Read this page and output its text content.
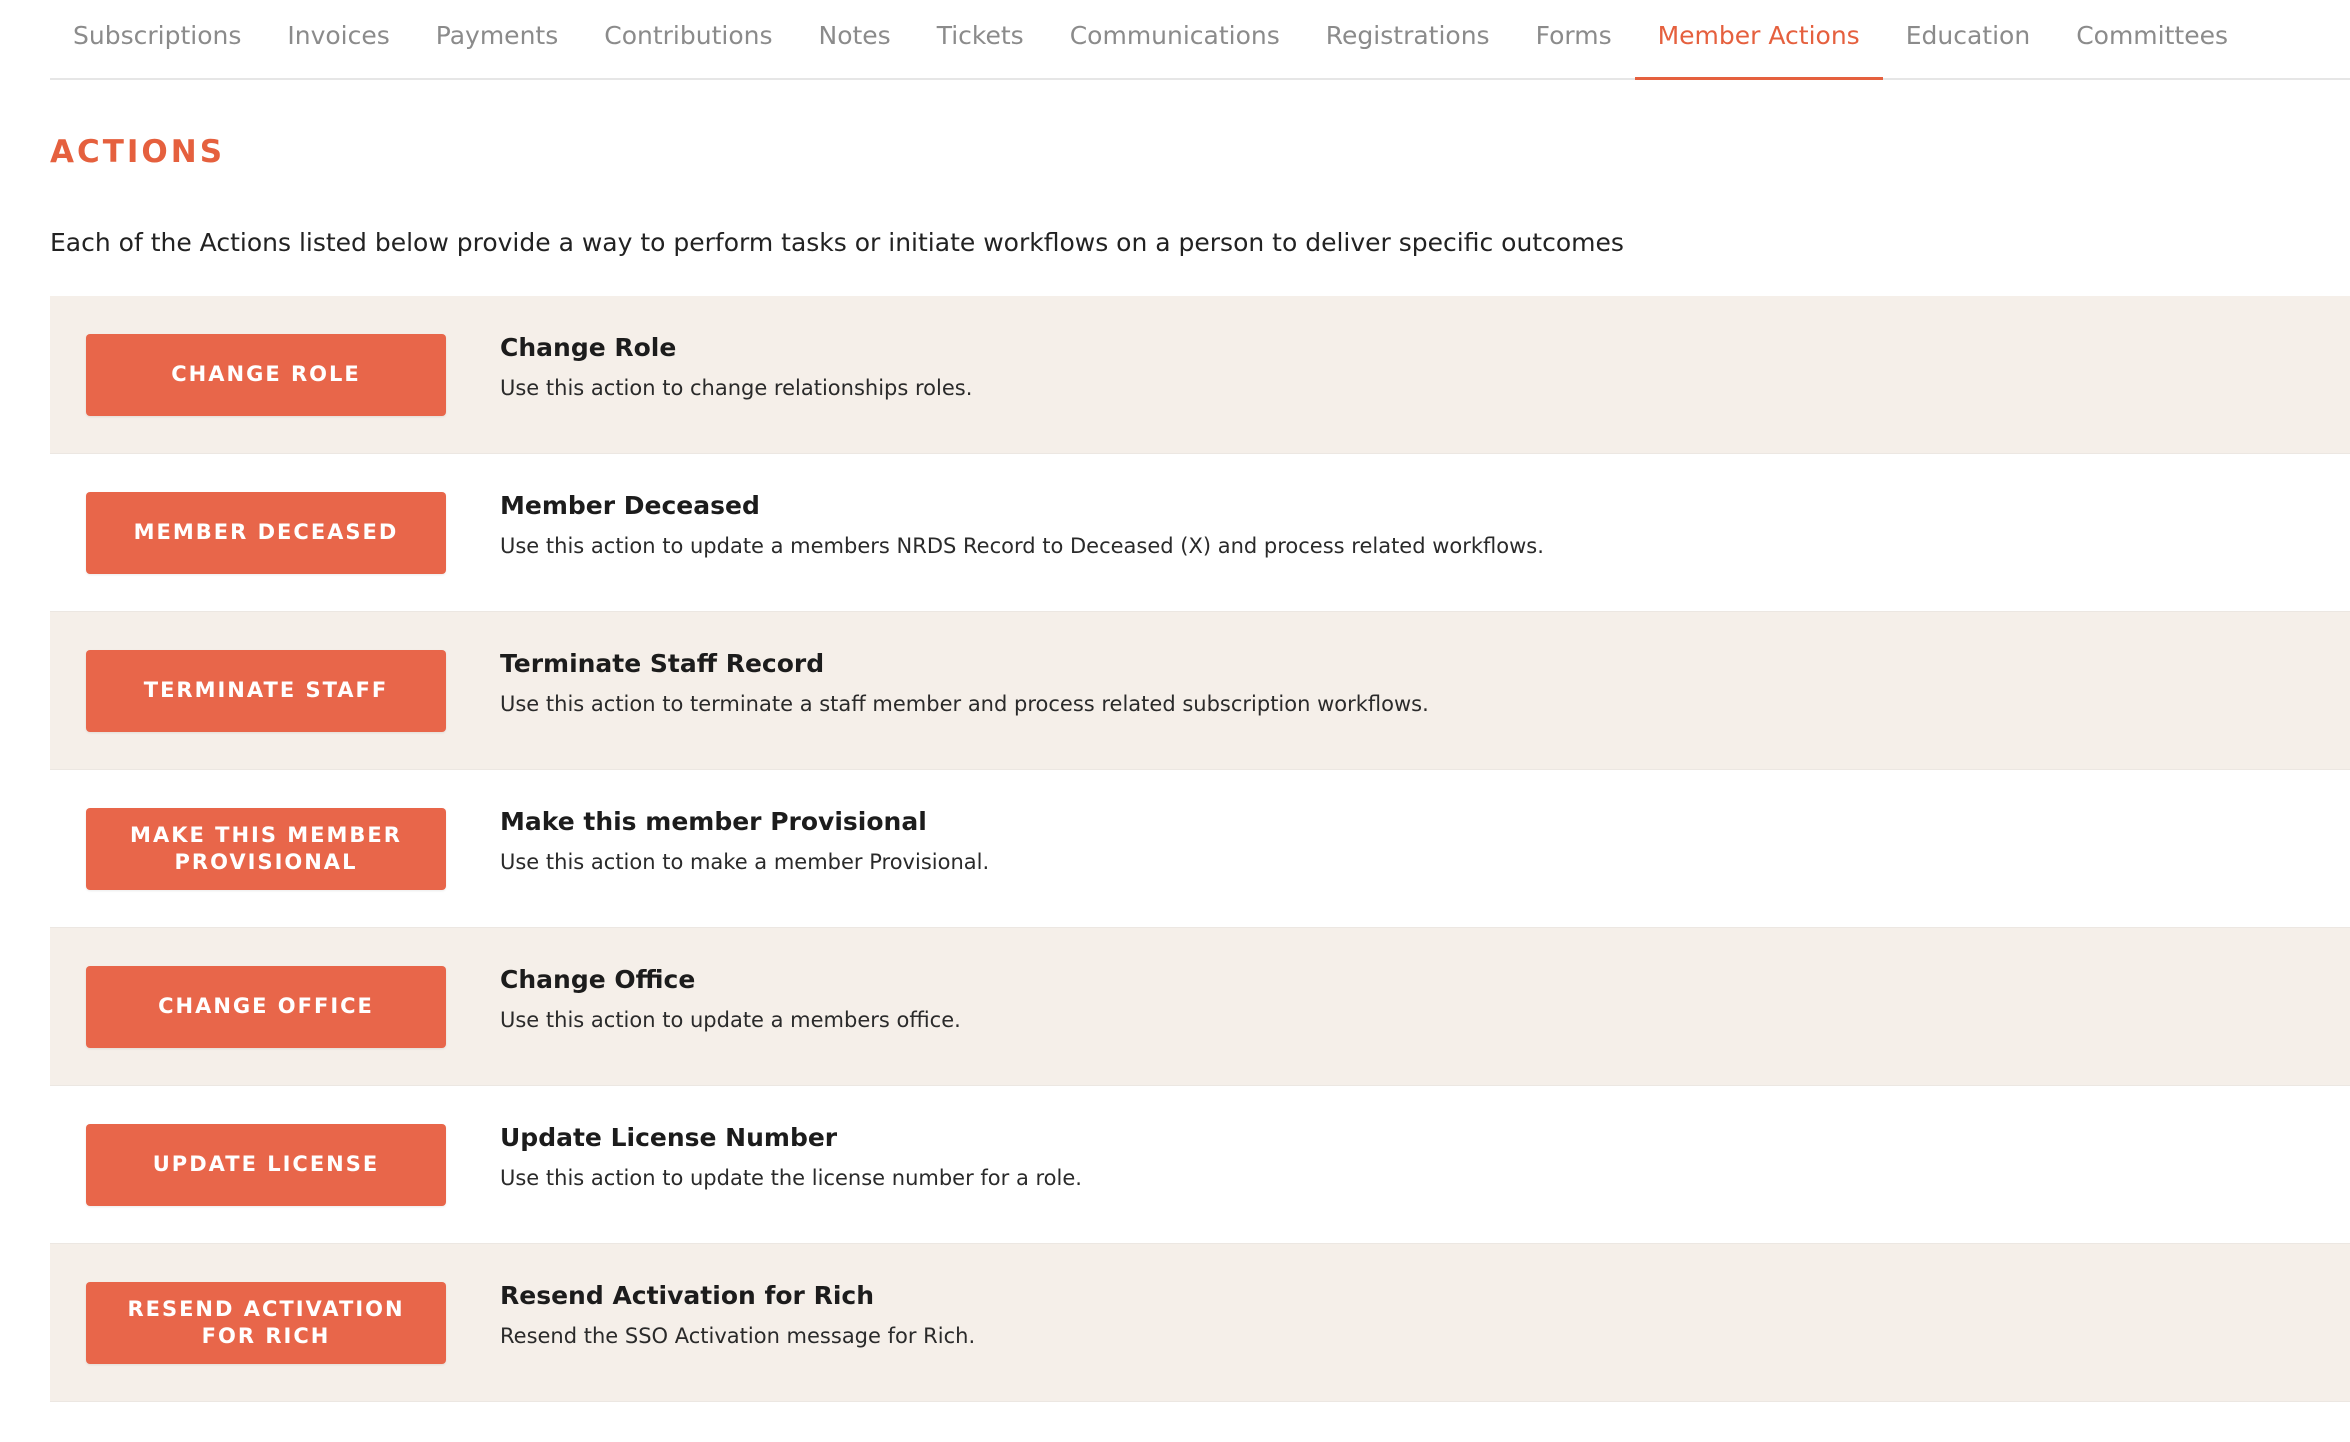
Subscriptions	Invoices	Payments	Contributions	Notes	Tickets	Communications	Registrations	Forms	Member Actions	Education	Committees
ACTIONS

Each of the Actions listed below provide a way to perform tasks or initiate workflows on a person to deliver specific outcomes

CHANGE ROLE
Change Role
Use this action to change relationships roles.
MEMBER DECEASED
Member Deceased
Use this action to update a members NRDS Record to Deceased (X) and process related workflows.
TERMINATE STAFF
Terminate Staff Record
Use this action to terminate a staff member and process related subscription workflows.
MAKE THIS MEMBER PROVISIONAL
Make this member Provisional
Use this action to make a member Provisional.
CHANGE OFFICE
Change Office
Use this action to update a members office.
UPDATE LICENSE
Update License Number
Use this action to update the license number for a role.
RESEND ACTIVATION FOR RICH
Resend Activation for Rich
Resend the SSO Activation message for Rich.
